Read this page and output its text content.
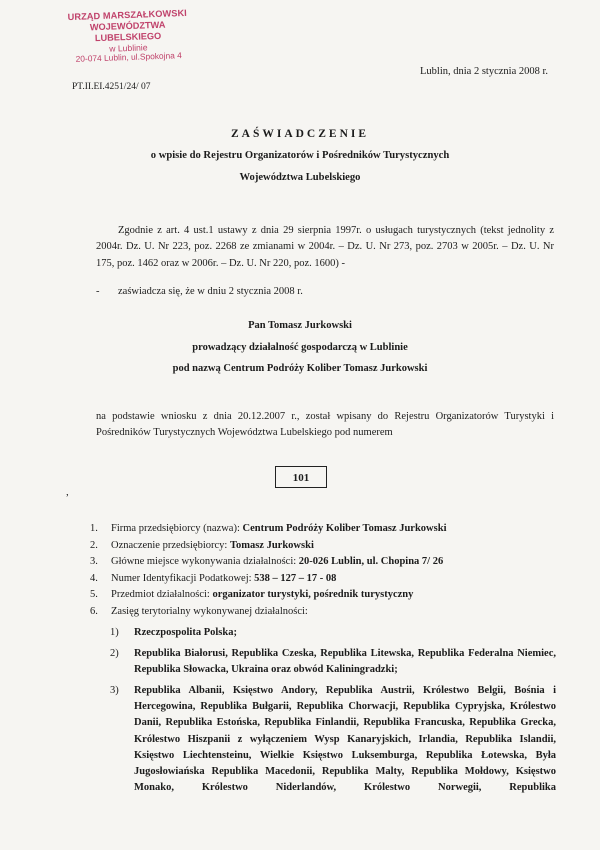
URZĄD MARSZAŁKOWSKI
WOJEWÓDZTWA LUBELSKIEGO
w Lublinie
20-074 Lublin, ul.Spokojna 4
Lublin, dnia 2 stycznia 2008 r.
PT.II.EI.4251/24/ 07
ZAŚWIADCZENIE
o wpisie do Rejestru Organizatorów i Pośredników Turystycznych
Województwa Lubelskiego
Zgodnie z art. 4 ust.1 ustawy z dnia 29 sierpnia 1997r. o usługach turystycznych (tekst jednolity z 2004r. Dz. U. Nr 223, poz. 2268 ze zmianami w 2004r. – Dz. U. Nr 273, poz. 2703 w 2005r. – Dz. U. Nr 175, poz. 1462 oraz w 2006r. – Dz. U. Nr 220, poz. 1600) -
- zaświadcza się, że w dniu 2 stycznia 2008 r.
Pan Tomasz Jurkowski
prowadzący działalność gospodarczą w Lublinie
pod nazwą Centrum Podróży Koliber Tomasz Jurkowski
na podstawie wniosku z dnia 20.12.2007 r., został wpisany do Rejestru Organizatorów Turystyki i Pośredników Turystycznych Województwa Lubelskiego pod numerem
101
,
1.	Firma przedsiębiorcy (nazwa): Centrum Podróży Koliber Tomasz Jurkowski
2.	Oznaczenie przedsiębiorcy: Tomasz Jurkowski
3.	Główne miejsce wykonywania działalności: 20-026 Lublin, ul. Chopina 7/ 26
4.	Numer Identyfikacji Podatkowej: 538 – 127 – 17 - 08
5.	Przedmiot działalności: organizator turystyki, pośrednik turystyczny
6.	Zasięg terytorialny wykonywanej działalności:
1)	Rzeczpospolita Polska;
2)	Republika Białorusi, Republika Czeska, Republika Litewska, Republika Federalna Niemiec, Republika Słowacka, Ukraina oraz obwód Kaliningradzki;
3)	Republika Albanii, Księstwo Andory, Republika Austrii, Królestwo Belgii, Bośnia i Hercegowina, Republika Bułgarii, Republika Chorwacji, Republika Cypryjska, Królestwo Danii, Republika Estońska, Republika Finlandii, Republika Francuska, Republika Grecka, Królestwo Hiszpanii z wyłączeniem Wysp Kanaryjskich, Irlandia, Republika Islandii, Księstwo Liechtensteinu, Wielkie Księstwo Luksemburga, Republika Łotewska, Była Jugosłowiańska Republika Macedonii, Republika Malty, Republika Mołdowy, Księstwo Monako, Królestwo Niderlandów, Królestwo Norwegii, Republika
